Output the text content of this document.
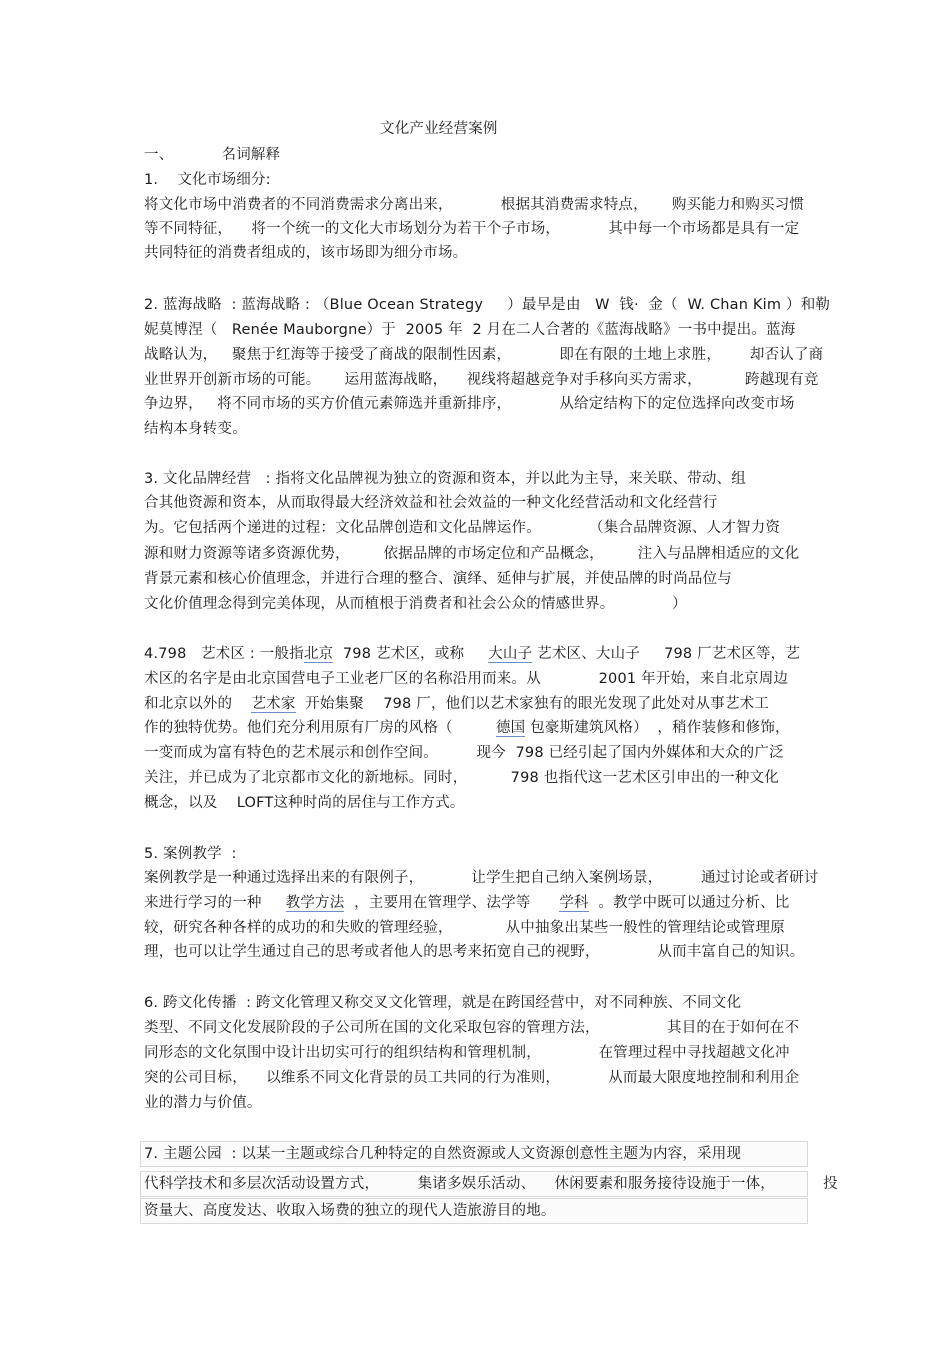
文化产业经营案例
一、          名词解释
1.    文化市场细分:
将文化市场中消费者的不同消费需求分离出来，          根据其消费需求特点，     购买能力和购买习惯
等不同特征，    将一个统一的文化大市场划分为若干个子市场，          其中每一个市场都是具有一定
共同特征的消费者组成的，该市场即为细分市场。
2. 蓝海战略  : 蓝海战略 : （Blue Ocean Strategy     ）最早是由   W  钱·  金（  W. Chan Kim ）和勒
妮莫博涅（   Renée Mauborgne）于  2005 年  2 月在二人合著的《蓝海战略》一书中提出。蓝海
战略认为，   聚焦于红海等于接受了商战的限制性因素，          即在有限的土地上求胜，      却否认了商
业世界开创新市场的可能。     运用蓝海战略，    视线将超越竞争对手移向买方需求，         跨越现有竞
争边界，   将不同市场的买方价值元素筛选并重新排序，          从给定结构下的定位选择向改变市场
结构本身转变。
3. 文化品牌经营   : 指将文化品牌视为独立的资源和资本，并以此为主导，来关联、带动、组
合其他资源和资本，从而取得最大经济效益和社会效益的一种文化经营活动和文化经营行
为。它包括两个递进的过程：文化品牌创造和文化品牌运作。          （集合品牌资源、人才智力资
源和财力资源等诸多资源优势，       依据品牌的市场定位和产品概念，       注入与品牌相适应的文化
背景元素和核心价值理念，并进行合理的整合、演绎、延伸与扩展，并使品牌的时尚品位与
文化价值理念得到完美体现，从而植根于消费者和社会公众的情感世界。            ）
4.798   艺术区 : 一般指北京  798 艺术区，或称     大山子 艺术区、大山子     798 厂艺术区等，艺
术区的名字是由北京国营电子工业老厂区的名称沿用而来。从            2001 年开始，来自北京周边
和北京以外的    艺术家  开始集聚    798 厂，他们以艺术家独有的眼光发现了此处对从事艺术工
作的独特优势。他们充分利用原有厂房的风格（         德国 包豪斯建筑风格）  ，稍作装修和修饰，
一变而成为富有特色的艺术展示和创作空间。        现今  798 已经引起了国内外媒体和大众的广泛
关注，并已成为了北京都市文化的新地标。同时，         798 也指代这一艺术区引申出的一种文化
概念，以及    LOFT这种时尚的居住与工作方式。
5. 案例教学  :
案例教学是一种通过选择出来的有限例子，          让学生把自己纳入案例场景，        通过讨论或者研讨
来进行学习的一种     教学方法  ，主要用在管理学、法学等      学科  。教学中既可以通过分析、比
较，研究各种各样的成功的和失败的管理经验，           从中抽象出某些一般性的管理结论或管理原
理，也可以让学生通过自己的思考或者他人的思考来拓宽自己的视野，            从而丰富自己的知识。
6. 跨文化传播  : 跨文化管理又称交叉文化管理，就是在跨国经营中，对不同种族、不同文化
类型、不同文化发展阶段的子公司所在国的文化采取包容的管理方法，              其目的在于如何在不
同形态的文化氛围中设计出切实可行的组织结构和管理机制，            在管理过程中寻找超越文化冲
突的公司目标，    以维系不同文化背景的员工共同的行为准则，          从而最大限度地控制和利用企
业的潜力与价值。
7. 主题公园  : 以某一主题或综合几种特定的自然资源或人文资源创意性主题为内容，采用现
代科学技术和多层次活动设置方式，        集诸多娱乐活动、    休闲要素和服务接待设施于一体，          投
资量大、高度发达、收取入场费的独立的现代人造旅游目的地。
